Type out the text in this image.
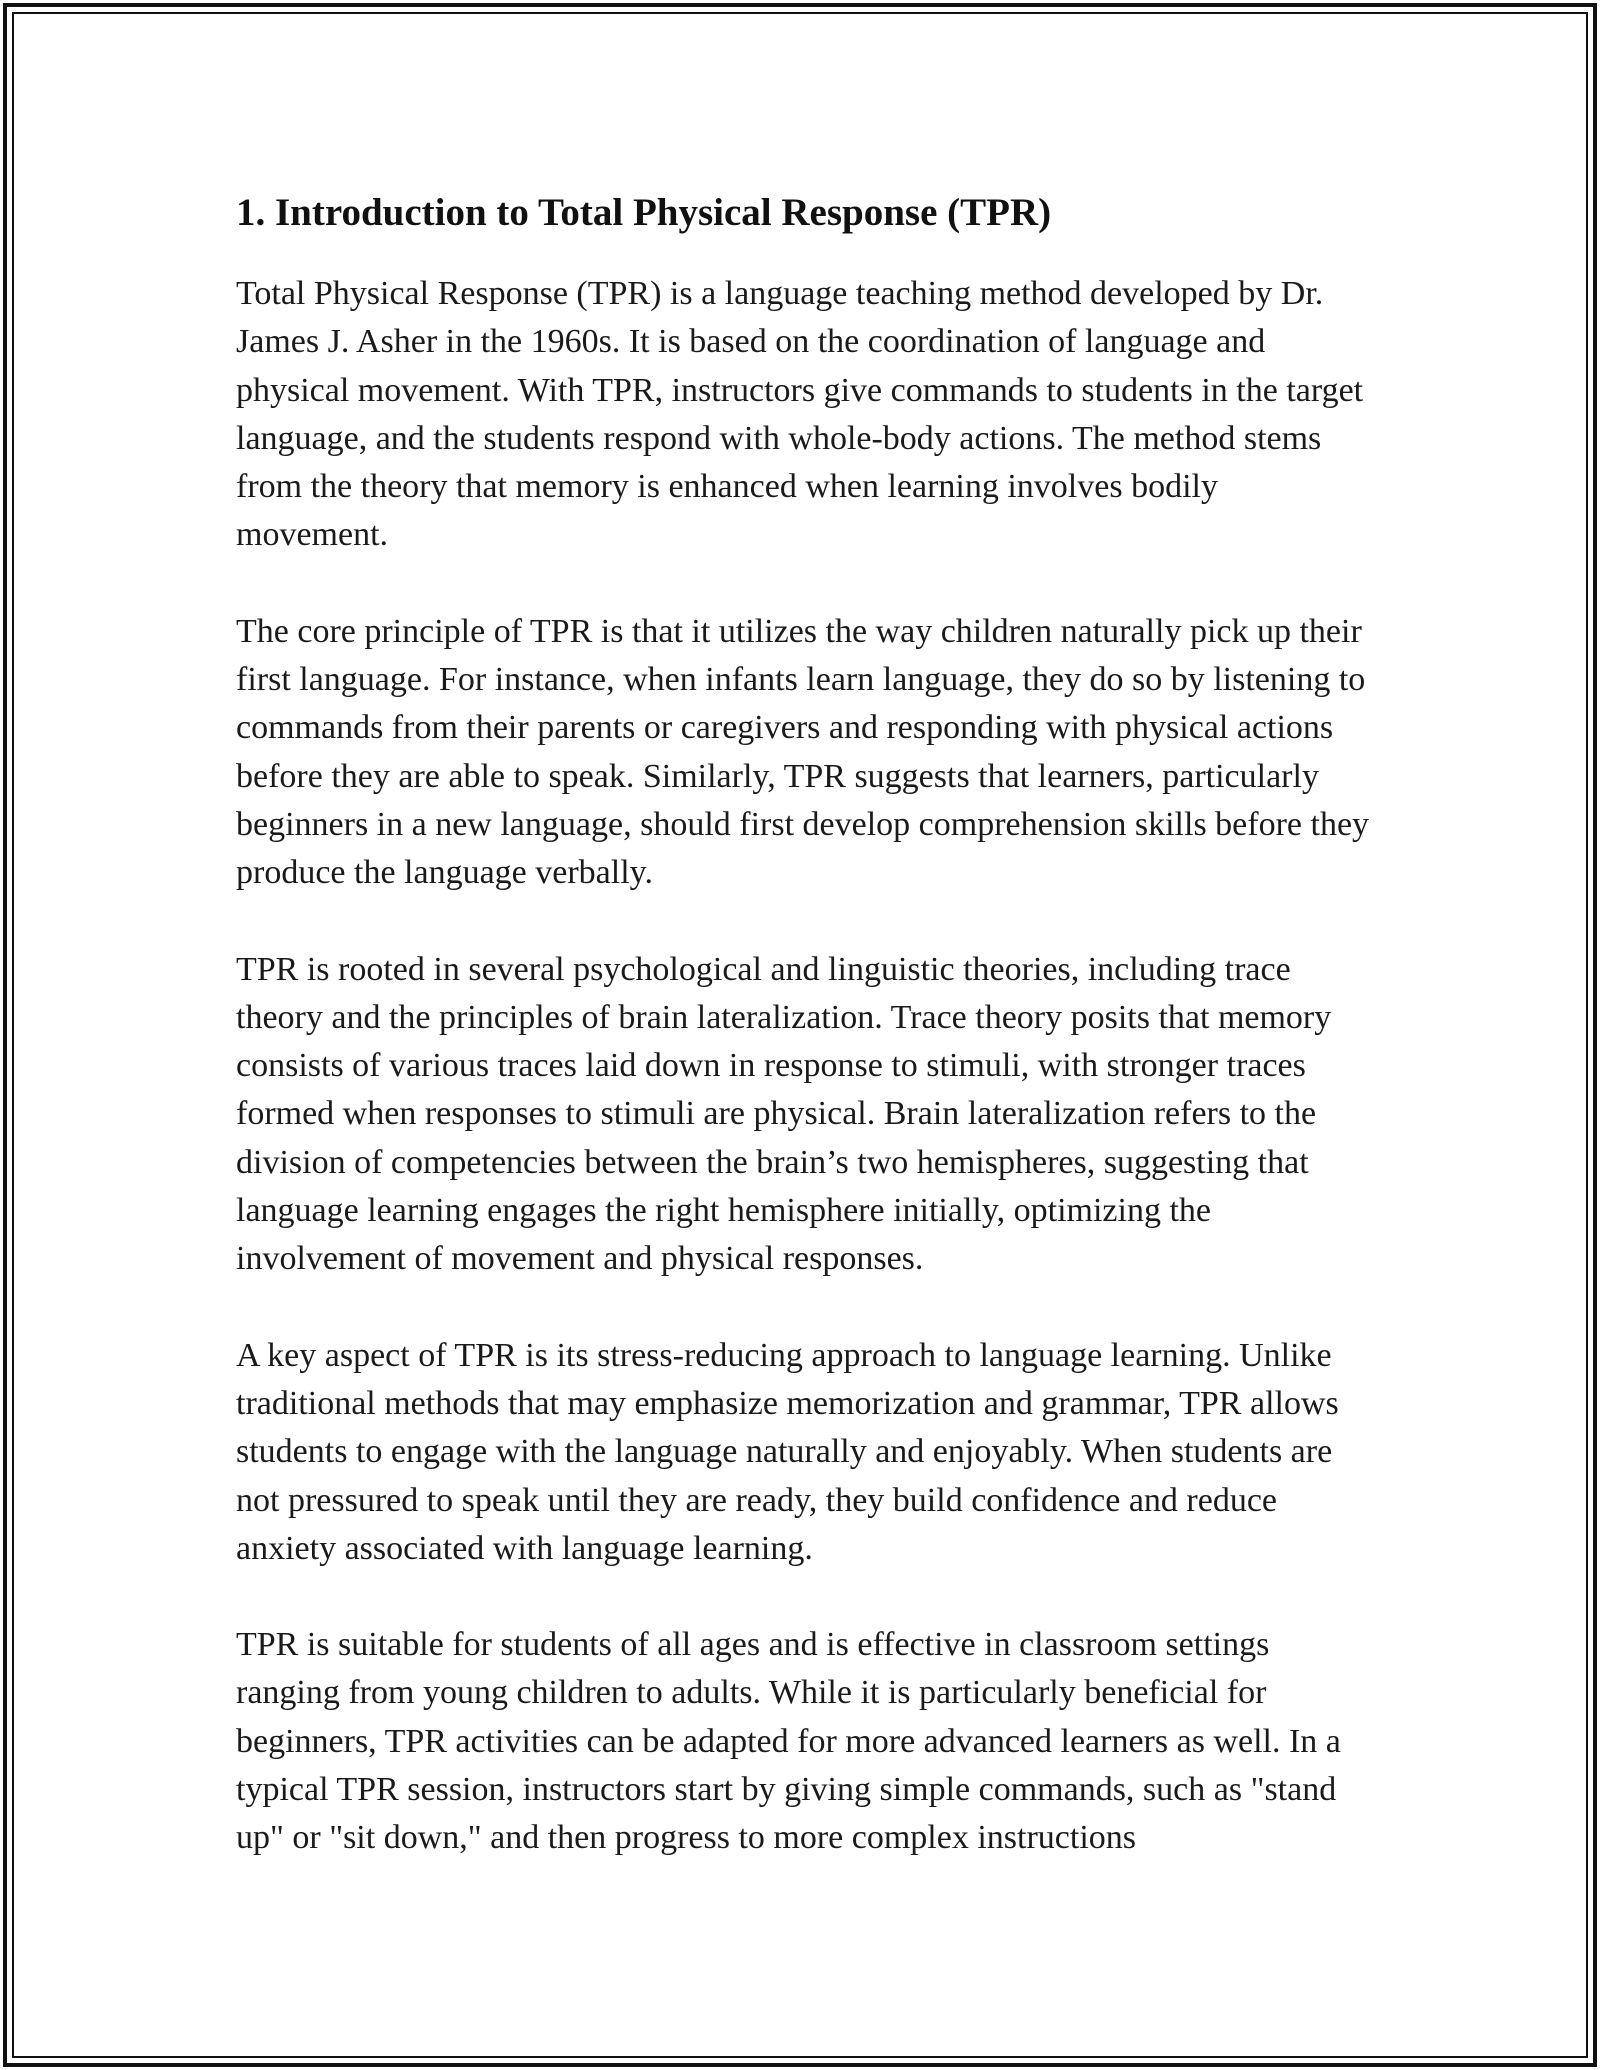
1. Introduction to Total Physical Response (TPR)

Total Physical Response (TPR) is a language teaching method developed by Dr. James J. Asher in the 1960s. It is based on the coordination of language and physical movement. With TPR, instructors give commands to students in the target language, and the students respond with whole-body actions. The method stems from the theory that memory is enhanced when learning involves bodily movement.

The core principle of TPR is that it utilizes the way children naturally pick up their first language. For instance, when infants learn language, they do so by listening to commands from their parents or caregivers and responding with physical actions before they are able to speak. Similarly, TPR suggests that learners, particularly beginners in a new language, should first develop comprehension skills before they produce the language verbally.

TPR is rooted in several psychological and linguistic theories, including trace theory and the principles of brain lateralization. Trace theory posits that memory consists of various traces laid down in response to stimuli, with stronger traces formed when responses to stimuli are physical. Brain lateralization refers to the division of competencies between the brain’s two hemispheres, suggesting that language learning engages the right hemisphere initially, optimizing the involvement of movement and physical responses.

A key aspect of TPR is its stress-reducing approach to language learning. Unlike traditional methods that may emphasize memorization and grammar, TPR allows students to engage with the language naturally and enjoyably. When students are not pressured to speak until they are ready, they build confidence and reduce anxiety associated with language learning.

TPR is suitable for students of all ages and is effective in classroom settings ranging from young children to adults. While it is particularly beneficial for beginners, TPR activities can be adapted for more advanced learners as well. In a typical TPR session, instructors start by giving simple commands, such as "stand up" or "sit down," and then progress to more complex instructions
